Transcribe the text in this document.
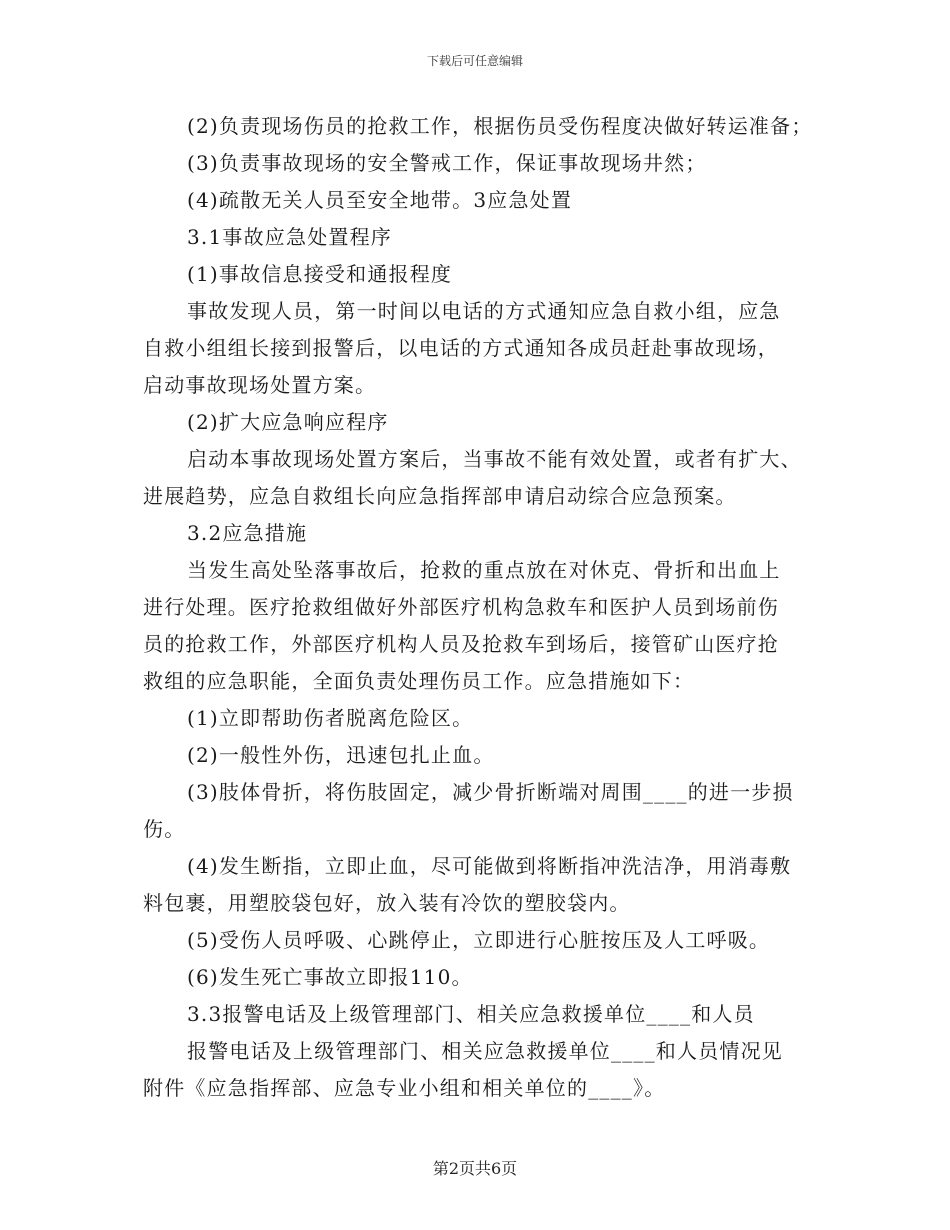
下载后可任意编辑
(2)负责现场伤员的抢救工作，根据伤员受伤程度决做好转运准备；
(3)负责事故现场的安全警戒工作，保证事故现场井然；
(4)疏散无关人员至安全地带。3应急处置
3.1事故应急处置程序
(1)事故信息接受和通报程度
事故发现人员，第一时间以电话的方式通知应急自救小组，应急
自救小组组长接到报警后，以电话的方式通知各成员赶赴事故现场，
启动事故现场处置方案。
(2)扩大应急响应程序
启动本事故现场处置方案后，当事故不能有效处置，或者有扩大、
进展趋势，应急自救组长向应急指挥部申请启动综合应急预案。
3.2应急措施
当发生高处坠落事故后，抢救的重点放在对休克、骨折和出血上
进行处理。医疗抢救组做好外部医疗机构急救车和医护人员到场前伤
员的抢救工作，外部医疗机构人员及抢救车到场后，接管矿山医疗抢
救组的应急职能，全面负责处理伤员工作。应急措施如下：
(1)立即帮助伤者脱离危险区。
(2)一般性外伤，迅速包扎止血。
(3)肢体骨折，将伤肢固定，减少骨折断端对周围____的进一步损
伤。
(4)发生断指，立即止血，尽可能做到将断指冲洗洁净，用消毒敷
料包裹，用塑胶袋包好，放入装有冷饮的塑胶袋内。
(5)受伤人员呼吸、心跳停止，立即进行心脏按压及人工呼吸。
(6)发生死亡事故立即报110。
3.3报警电话及上级管理部门、相关应急救援单位____和人员
报警电话及上级管理部门、相关应急救援单位____和人员情况见
附件《应急指挥部、应急专业小组和相关单位的____》。
第2页共6页
